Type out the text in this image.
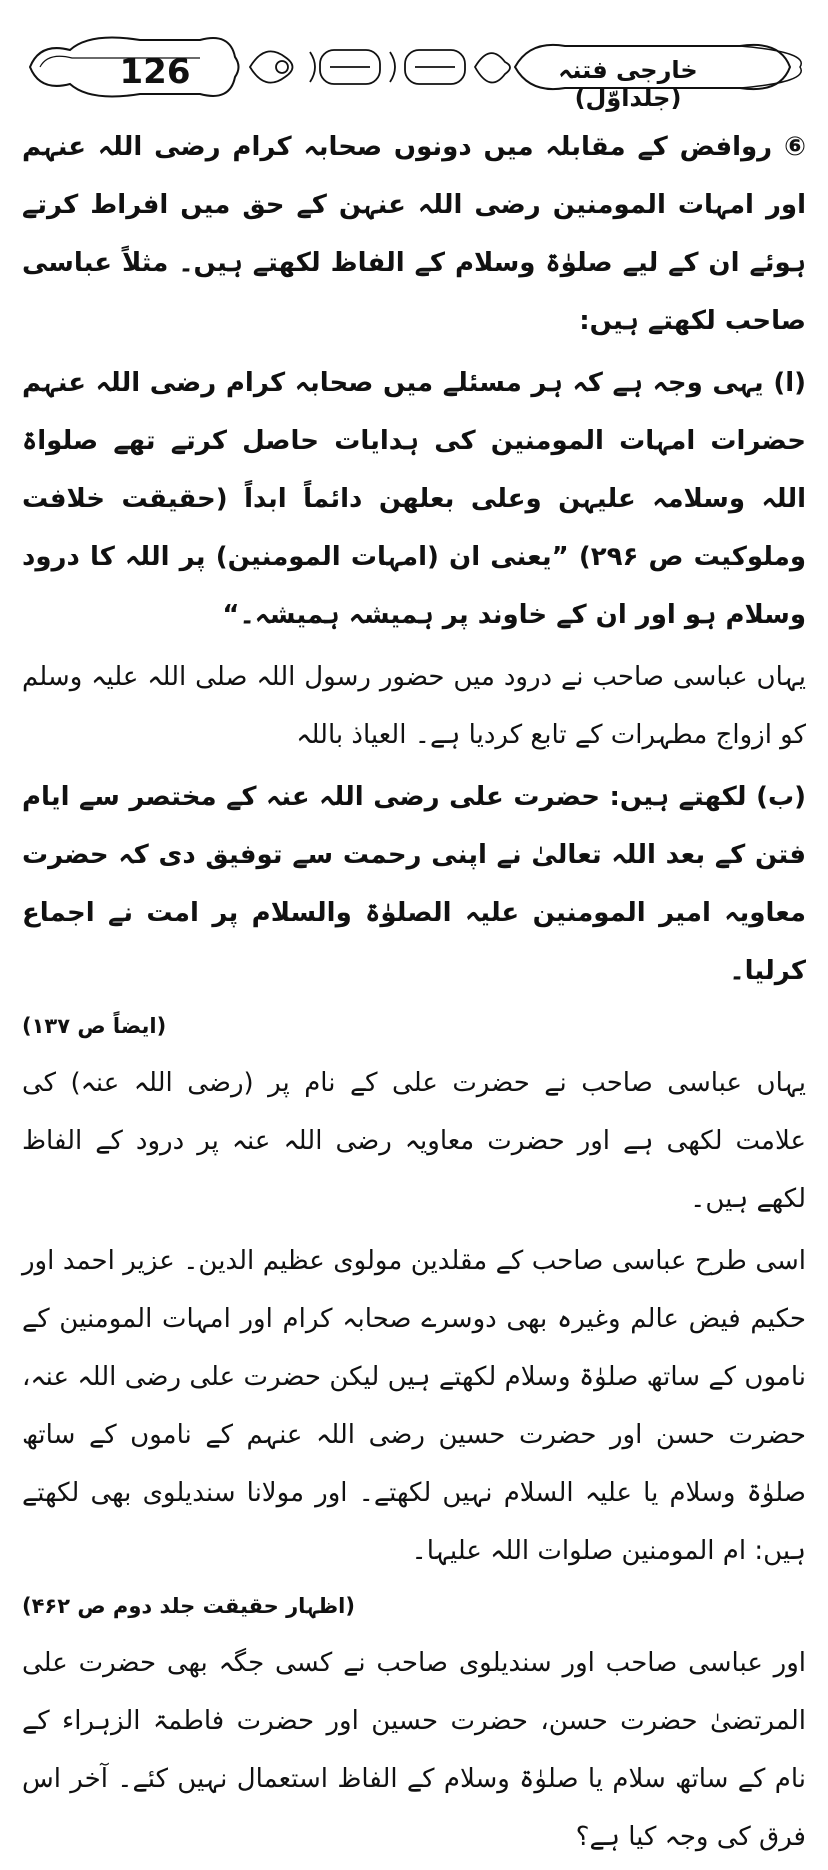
126	خارجی فتنہ (جلداوّل)

⑥ روافض کے مقابلہ میں دونوں صحابہ کرام رضی اللہ عنہم اور امہات المومنین رضی اللہ عنہن کے حق میں افراط کرتے ہوئے ان کے لیے صلوٰۃ وسلام کے الفاظ لکھتے ہیں۔ مثلاً عباسی صاحب لکھتے ہیں:

(ا) یہی وجہ ہے کہ ہر مسئلے میں صحابہ کرام رضی اللہ عنہم حضرات امہات المومنین کی ہدایات حاصل کرتے تھے صلواۃ اللہ وسلامہ علیہن وعلی بعلھن دائماً ابداً (حقیقت خلافت وملوکیت ص ۲۹۶) ”یعنی ان (امہات المومنین) پر اللہ کا درود وسلام ہو اور ان کے خاوند پر ہمیشہ ہمیشہ۔“

یہاں عباسی صاحب نے درود میں حضور رسول اللہ صلی اللہ علیہ وسلم کو ازواج مطہرات کے تابع کردیا ہے۔ العیاذ باللہ

(ب) لکھتے ہیں: حضرت علی رضی اللہ عنہ کے مختصر سے ایام فتن کے بعد اللہ تعالیٰ نے اپنی رحمت سے توفیق دی کہ حضرت معاویہ امیر المومنین علیہ الصلوٰۃ والسلام پر امت نے اجماع کرلیا۔

(ایضاً ص ۱۳۷)

یہاں عباسی صاحب نے حضرت علی کے نام پر (رضی اللہ عنہ) کی علامت لکھی ہے اور حضرت معاویہ رضی اللہ عنہ پر درود کے الفاظ لکھے ہیں۔

اسی طرح عباسی صاحب کے مقلدین مولوی عظیم الدین۔ عزیر احمد اور حکیم فیض عالم وغیرہ بھی دوسرے صحابہ کرام اور امہات المومنین کے ناموں کے ساتھ صلوٰۃ وسلام لکھتے ہیں لیکن حضرت علی رضی اللہ عنہ، حضرت حسن اور حضرت حسین رضی اللہ عنہم کے ناموں کے ساتھ صلوٰۃ وسلام یا علیہ السلام نہیں لکھتے۔ اور مولانا سندیلوی بھی لکھتے ہیں: ام المومنین صلوات اللہ علیہا۔

(اظہار حقیقت جلد دوم ص ۴۶۲)

اور عباسی صاحب اور سندیلوی صاحب نے کسی جگہ بھی حضرت علی المرتضیٰ حضرت حسن، حضرت حسین اور حضرت فاطمۃ الزہراء کے نام کے ساتھ سلام یا صلوٰۃ وسلام کے الفاظ استعمال نہیں کئے۔ آخر اس فرق کی وجہ کیا ہے؟
